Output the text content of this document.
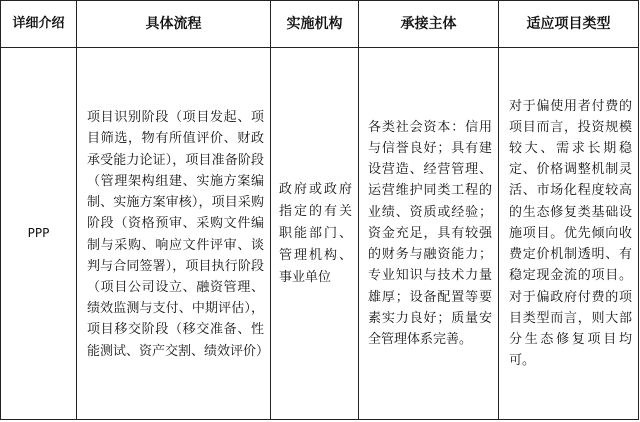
详细介绍	具体流程	实施机构	承接主体	适应项目类型
PPP	项目识别阶段（项目发起、项目筛选，物有所值评价、财政承受能力论证），项目准备阶段（管理架构组建、实施方案编制、实施方案审核），项目采购阶段（资格预审、采购文件编制与采购、响应文件评审、谈判与合同签署），项目执行阶段（项目公司设立、融资管理、绩效监测与支付、中期评估），项目移交阶段（移交准备、性能测试、资产交割、绩效评价）	政府或政府指定的有关职能部门、管理机构、事业单位	各类社会资本：信用与信誉良好；具有建设营造、经营管理、运营维护同类工程的业绩、资质或经验；资金充足，具有较强的财务与融资能力；专业知识与技术力量雄厚；设备配置等要素实力良好；质量安全管理体系完善。	对于偏使用者付费的项目而言，投资规模较大、需求长期稳定、价格调整机制灵活、市场化程度较高的生态修复类基础设施项目。优先倾向收费定价机制透明、有稳定现金流的项目。对于偏政府付费的项目类型而言，则大部分生态修复项目均可。
